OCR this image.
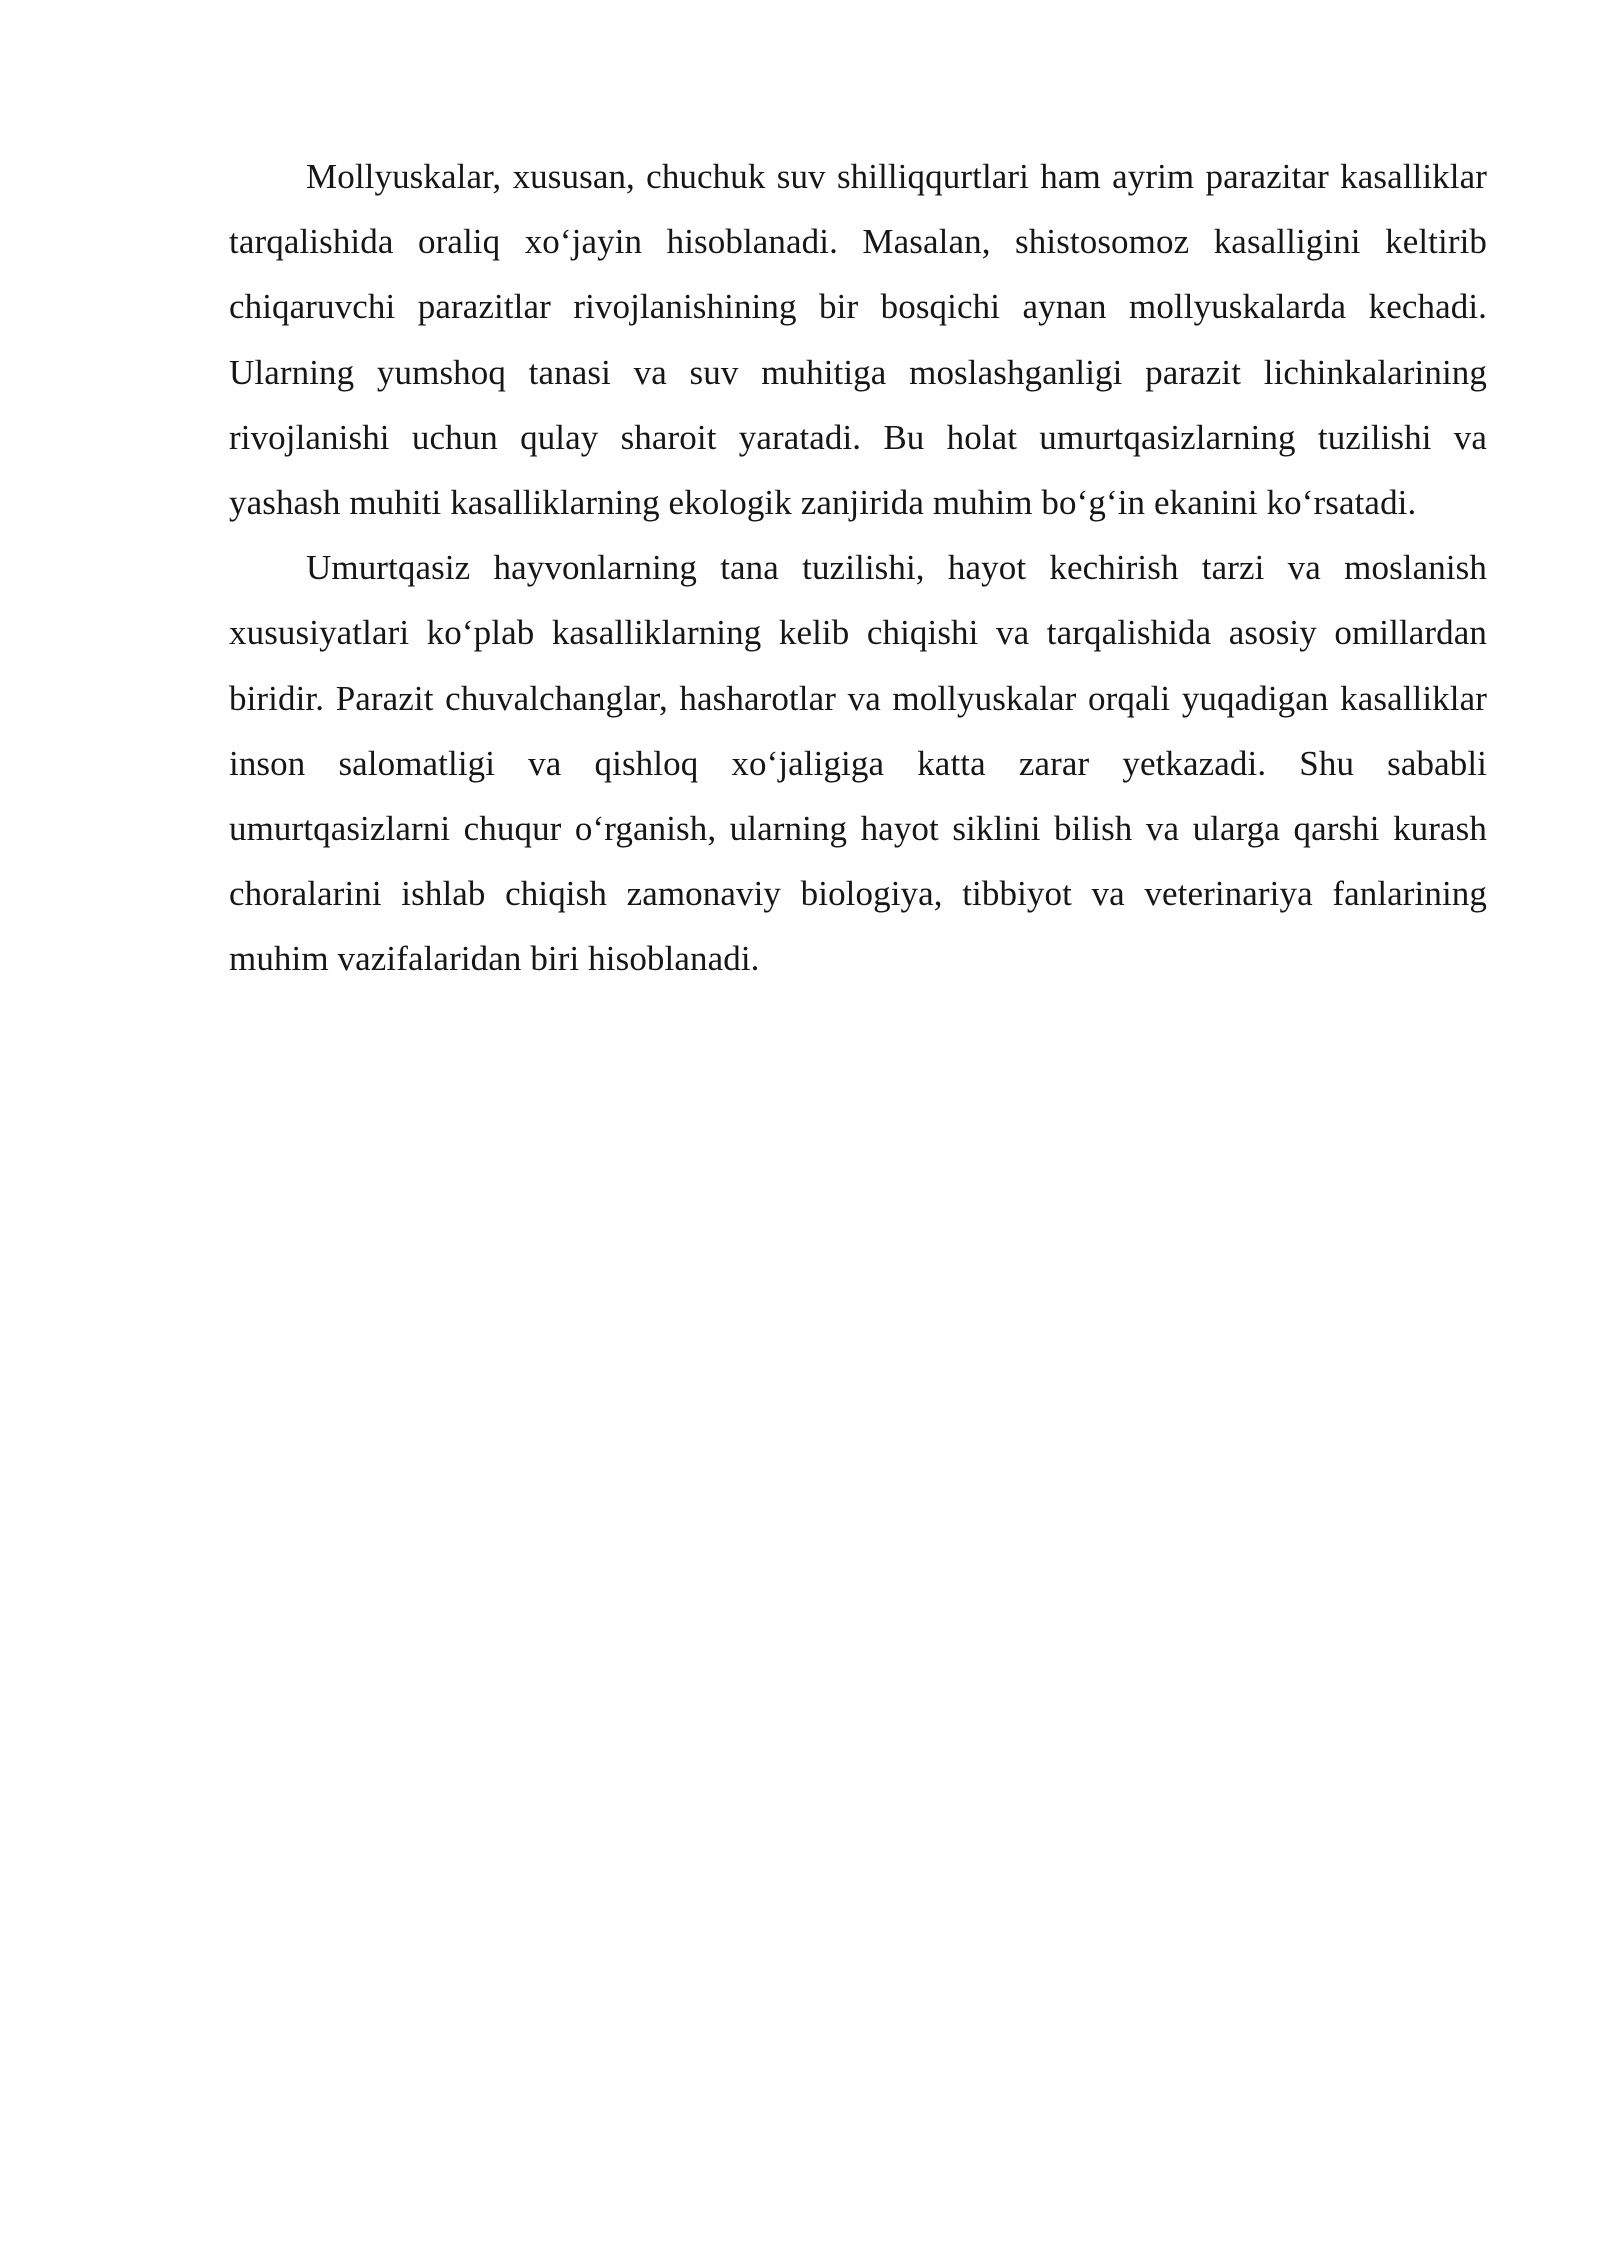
Mollyuskalar, xususan, chuchuk suv shilliqqurtlari ham ayrim parazitar kasalliklar tarqalishida oraliq xo‘jayin hisoblanadi. Masalan, shistosomoz kasalligini keltirib chiqaruvchi parazitlar rivojlanishining bir bosqichi aynan mollyuskalarda kechadi. Ularning yumshoq tanasi va suv muhitiga moslashganligi parazit lichinkalarining rivojlanishi uchun qulay sharoit yaratadi. Bu holat umurtqasizlarning tuzilishi va yashash muhiti kasalliklarning ekologik zanjirida muhim bo‘g‘in ekanini ko‘rsatadi.

Umurtqasiz hayvonlarning tana tuzilishi, hayot kechirish tarzi va moslanish xususiyatlari ko‘plab kasalliklarning kelib chiqishi va tarqalishida asosiy omillardan biridir. Parazit chuvalchanglar, hasharotlar va mollyuskalar orqali yuqadigan kasalliklar inson salomatligi va qishloq xo‘jaligiga katta zarar yetkazadi. Shu sababli umurtqasizlarni chuqur o‘rganish, ularning hayot siklini bilish va ularga qarshi kurash choralarini ishlab chiqish zamonaviy biologiya, tibbiyot va veterinariya fanlarining muhim vazifalaridan biri hisoblanadi.
